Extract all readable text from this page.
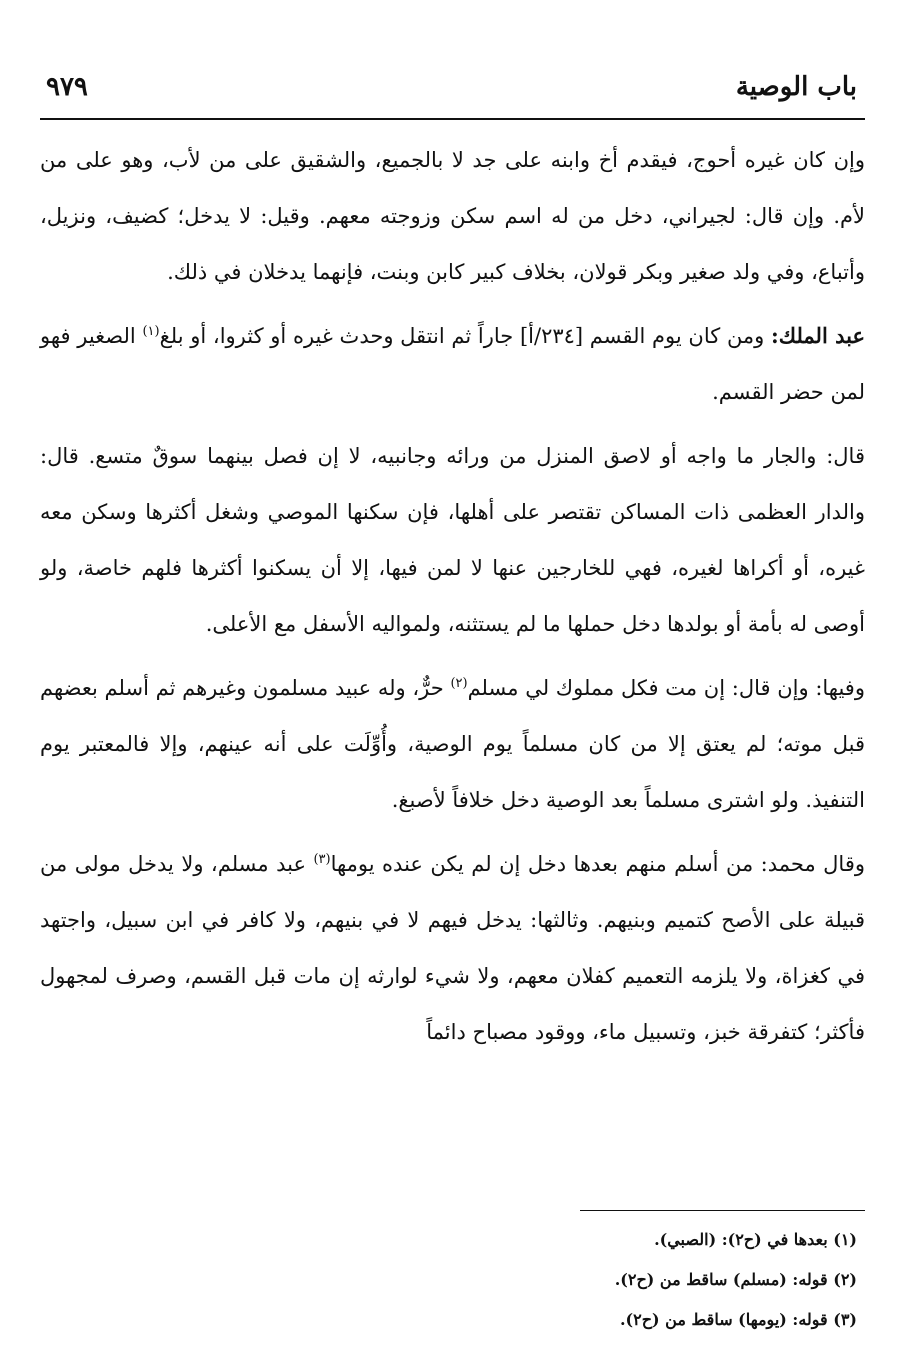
باب الوصية
٩٧٩

وإن كان غيره أحوج، فيقدم أخ وابنه على جد لا بالجميع، والشقيق على من لأب، وهو على من لأم. وإن قال: لجيراني، دخل من له اسم سكن وزوجته معهم. وقيل: لا يدخل؛ كضيف، ونزيل، وأتباع، وفي ولد صغير وبكر قولان، بخلاف كبير كابن وبنت، فإنهما يدخلان في ذلك.

عبد الملك: ومن كان يوم القسم [٢٣٤/أ] جاراً ثم انتقل وحدث غيره أو كثروا، أو بلغ$^{(١)}$ الصغير فهو لمن حضر القسم.

قال: والجار ما واجه أو لاصق المنزل من ورائه وجانبيه، لا إن فصل بينهما سوقٌ متسع. قال: والدار العظمى ذات المساكن تقتصر على أهلها، فإن سكنها الموصي وشغل أكثرها وسكن معه غيره، أو أكراها لغيره، فهي للخارجين عنها لا لمن فيها، إلا أن يسكنوا أكثرها فلهم خاصة، ولو أوصى له بأمة أو بولدها دخل حملها ما لم يستثنه، ولمواليه الأسفل مع الأعلى.

وفيها: وإن قال: إن مت فكل مملوك لي مسلم$^{(٢)}$ حرٌّ، وله عبيد مسلمون وغيرهم ثم أسلم بعضهم قبل موته؛ لم يعتق إلا من كان مسلماً يوم الوصية، وأُوِّلَت على أنه عينهم، وإلا فالمعتبر يوم التنفيذ. ولو اشترى مسلماً بعد الوصية دخل خلافاً لأصبغ.

وقال محمد: من أسلم منهم بعدها دخل إن لم يكن عنده يومها$^{(٣)}$ عبد مسلم، ولا يدخل مولى من قبيلة على الأصح كتميم وبنيهم. وثالثها: يدخل فيهم لا في بنيهم، ولا كافر في ابن سبيل، واجتهد في كغزاة، ولا يلزمه التعميم كفلان معهم، ولا شيء لوارثه إن مات قبل القسم، وصرف لمجهول فأكثر؛ كتفرقة خبز، وتسبيل ماء، ووقود مصباح دائماً

(١) بعدها في (ح٢): (الصبي).

(٢) قوله: (مسلم) ساقط من (ح٢).

(٣) قوله: (يومها) ساقط من (ح٢).
